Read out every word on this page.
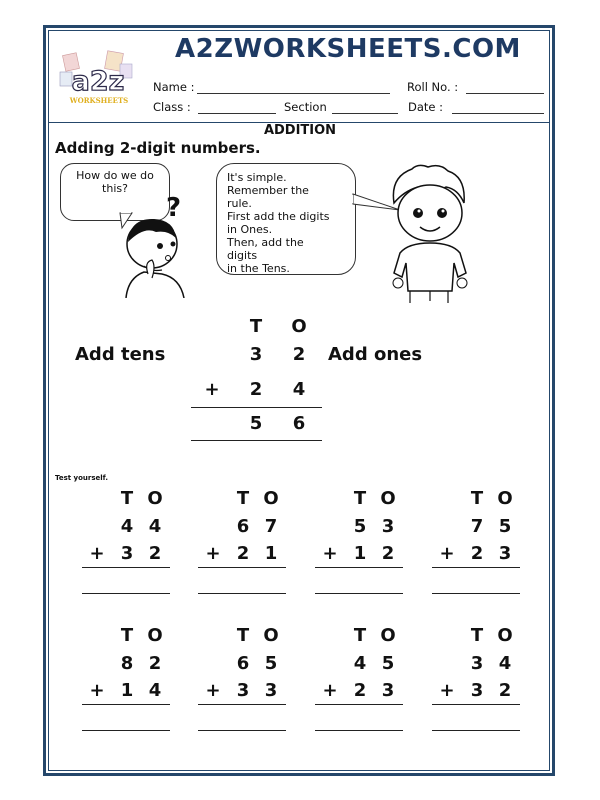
a2z
WORKSHEETS
A2ZWORKSHEETS.COM
Name :	Roll No. :
Class :	Section	Date :
ADDITION
Adding 2-digit numbers.
How do we do
this?
?
It's simple.
Remember the
rule.
First add the digits
in Ones.
Then, add the
digits
in the Tens.
T O
Add tens	3 2 Add ones
+ 2 4
5 6
Test yourself.
T O
4 4
+ 3 2
T O
6 7
+ 2 1
T O
5 3
+ 1 2
T O
7 5
+ 2 3
T O
8 2
+ 1 4
T O
6 5
+ 3 3
T O
4 5
+ 2 3
T O
3 4
+ 3 2
